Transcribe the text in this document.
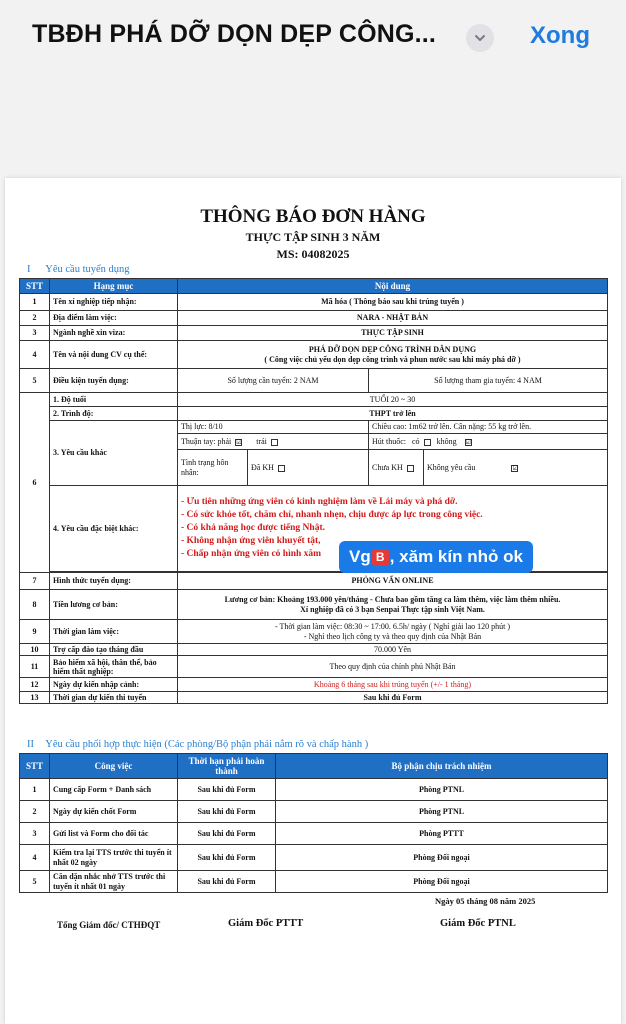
TBĐH PHÁ DỠ DỌN DẸP CÔNG...	Xong
THÔNG BÁO ĐƠN HÀNG
THỰC TẬP SINH 3 NĂM
MS: 04082025
I Yêu cầu tuyển dụng
STT	Hạng mục	Nội dung			
1	Tên xí nghiệp tiếp nhận:	Mã hóa ( Thông báo sau khi trúng tuyển )			
2	Địa điểm làm việc:	NARA - NHẬT BẢN			
3	Ngành nghề xin viza:	THỰC TẬP SINH			
4	Tên và nội dung CV cụ thể:	PHÁ DỠ DỌN DẸP CÔNG TRÌNH DÂN DỤNG
( Công việc chủ yếu dọn dẹp công trình và phun nước sau khi máy phá dỡ )			

5	Điều kiện tuyển dụng:	Số lượng cần tuyển: 2 NAM		Số lượng tham gia tuyển: 4 NAM	
6	1. Độ tuổi	TUỔI 20 ~ 30			
	2. Trình độ:	THPT trở lên			
	3. Yêu cầu khác	Thị lực: 8/10		Chiều cao: 1m62 trở lên. Cân nặng: 55 kg trở lên.	
		Thuận tay: phải ☑ trái		Hút thuốc: có không ☑	
		Tình trạng hôn nhân:	Đã KH	Chưa KH	Không yêu cầu ☑
	4. Yêu cầu đặc biệt khác:	- Ưu tiên những ứng viên có kinh nghiệm làm về Lái máy và phá dỡ.
- Có sức khỏe tốt, chăm chỉ, nhanh nhẹn, chịu được áp lực trong công việc.
- Có khả năng học được tiếng Nhật.
- Không nhận ứng viên khuyết tật,
- Chấp nhận ứng viên có hình xăm			

7	Hình thức tuyển dụng:	PHỎNG VẤN ONLINE			
8	Tiền lương cơ bản:	Lương cơ bản: Khoảng 193.000 yên/tháng - Chưa bao gồm tăng ca làm thêm, việc làm thêm nhiều.
Xí nghiệp đã có 3 bạn Senpai Thực tập sinh Việt Nam.			

9	Thời gian làm việc:	- Thời gian làm việc: 08:30 ~ 17:00. 6.5h/ ngày ( Nghỉ giải lao 120 phút )
- Nghỉ theo lịch công ty và theo quy định của Nhật Bản			

10	Trợ cấp đào tạo tháng đầu	70.000 Yên			
11	Bảo hiểm xã hội, thân thể, bảo hiểm thất nghiệp:	Theo quy định của chính phủ Nhật Bản			
12	Ngày dự kiến nhập cảnh:	Khoảng 6 tháng sau khi trúng tuyển (+/- 1 tháng)			
13	Thời gian dự kiến thi tuyển	Sau khi đủ Form			
II Yêu cầu phối hợp thực hiện (Các phòng/Bộ phận phải nắm rõ và chấp hành )
STT	Công việc	Thời hạn phải hoàn thành	Bộ phận chịu trách nhiệm
1	Cung cấp Form + Danh sách	Sau khi đủ Form	Phòng PTNL
2	Ngày dự kiến chốt Form	Sau khi đủ Form	Phòng PTNL
3	Gửi list và Form cho đối tác	Sau khi đủ Form	Phòng PTTT
4	Kiểm tra lại TTS trước thi tuyển ít nhất 02 ngày	Sau khi đủ Form	Phòng Đối ngoại
5	Căn dặn nhắc nhở TTS trước thi tuyển ít nhất 01 ngày	Sau khi đủ Form	Phòng Đối ngoại
Ngày 05 tháng 08 năm 2025
Tổng Giám đốc/ CTHĐQT	Giám Đốc PTTT	Giám Đốc PTNL
Vg B , xăm kín nhỏ ok
